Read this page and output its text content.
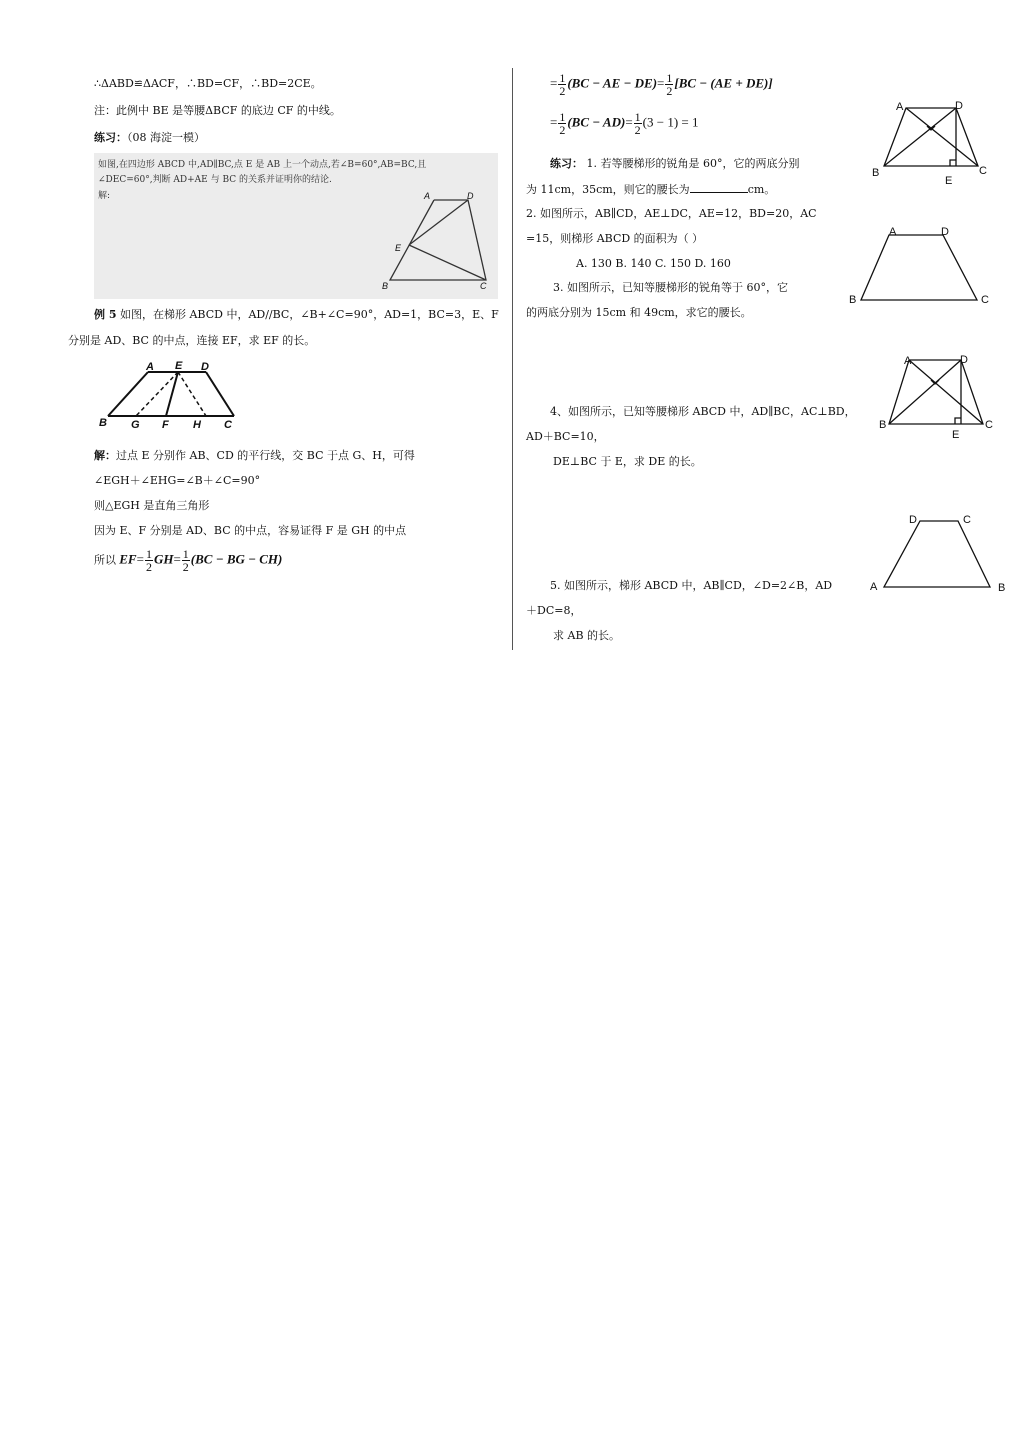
∴ΔABD≌ΔACF，∴BD=CF，∴BD=2CE。
注：此例中 BE 是等腰ΔBCF 的底边 CF 的中线。
练习：（08 海淀一模）
如图,在四边形 ABCD 中,AD∥BC,点 E 是 AB 上一个动点,若∠B=60°,AB=BC,且
∠DEC=60°,判断 AD+AE 与 BC 的关系并证明你的结论.
解:	A	D
E
B	C
例 5 如图，在梯形 ABCD 中，AD//BC，∠B+∠C=90°，AD=1，BC=3，E、F
分别是 AD、BC 的中点，连接 EF，求 EF 的长。
A E D
B G F H C
解：过点 E 分别作 AB、CD 的平行线，交 BC 于点 G、H，可得
∠EGH＋∠EHG=∠B＋∠C=90°
则△EGH 是直角三角形
因为 E、F 分别是 AD、BC 的中点，容易证得 F 是 GH 的中点
所以 $EF= \frac{1}{2} GH= \frac{1}{2} (BC$ − BG − CH)
= $\frac{1}{2} (BC$ − AE − $DE)= \frac{1}{2} [BC - (AE + DE)]$
= $\frac{1}{2} (BC - AD)= \frac{1}{2} (3 - 1) = 1$
A	D
B
E
C
练习： 1. 若等腰梯形的锐角是 60°，它的两底分别
为 11cm，35cm，则它的腰长为	cm。
2. 如图所示，AB∥CD，AE⊥DC，AE=12，BD=20，AC
=15，则梯形 ABCD 的面积为（ ）
A. 130 B. 140 C. 150 D. 160
A	D
B	C
3. 如图所示，已知等腰梯形的锐角等于 60°，它
的两底分别为 15cm 和 49cm，求它的腰长。
A	D
B
E
C
4、如图所示，已知等腰梯形 ABCD 中，AD∥BC，AC⊥BD，
AD＋BC=10，
DE⊥BC 于 E，求 DE 的长。
D	C
A	B
5. 如图所示，梯形 ABCD 中，AB∥CD，∠D=2∠B，AD
＋DC=8，
求 AB 的长。
